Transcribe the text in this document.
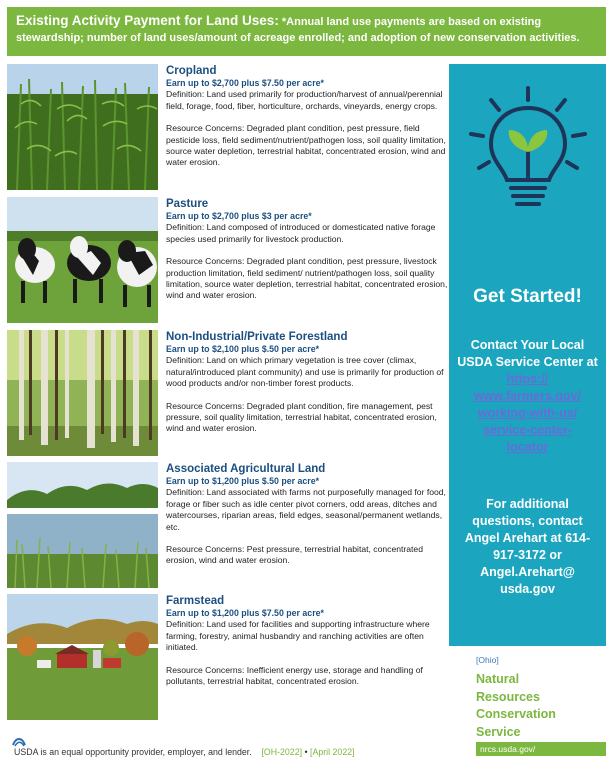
Existing Activity Payment for Land Uses: *Annual land use payments are based on existing stewardship; number of land uses/amount of acreage enrolled; and adoption of new conservation activities.
Cropland
Earn up to $2,700 plus $7.50 per acre*
Definition: Land used primarily for production/harvest of annual/perennial field, forage, food, fiber, horticulture, orchards, vineyards, energy crops.
Resource Concerns: Degraded plant condition, pest pressure, field pesticide loss, field sediment/nutrient/pathogen loss, soil quality limitation, source water depletion, terrestrial habitat, concentrated erosion, wind and water erosion.
Pasture
Earn up to $2,700 plus $3 per acre*
Definition: Land composed of introduced or domesticated native forage species used primarily for livestock production.
Resource Concerns: Degraded plant condition, pest pressure, livestock production limitation, field sediment/ nutrient/pathogen loss, soil quality limitation, source water depletion, terrestrial habitat, concentrated erosion, wind and water erosion.
Non-Industrial/Private Forestland
Earn up to $2,100 plus $.50 per acre*
Definition: Land on which primary vegetation is tree cover (climax, natural/introduced plant community) and use is primarily for production of wood products and/or non-timber forest products.
Resource Concerns: Degraded plant condition, fire management, pest pressure, soil quality limitation, terrestrial habitat, concentrated erosion, wind and water erosion.
Associated Agricultural Land
Earn up to $1,200 plus $.50 per acre*
Definition: Land associated with farms not purposefully managed for food, forage or fiber such as idle center pivot corners, odd areas, ditches and watercourses, riparian areas, field edges, seasonal/permanent wetlands, etc.
Resource Concerns: Pest pressure, terrestrial habitat, concentrated erosion, wind and water erosion.
Farmstead
Earn up to $1,200 plus $7.50 per acre*
Definition: Land used for facilities and supporting infrastructure where farming, forestry, animal husbandry and ranching activities are often initiated.
Resource Concerns: Inefficient energy use, storage and handling of pollutants, terrestrial habitat, concentrated erosion.
Get Started!
Contact Your Local USDA Service Center at https://
www.farmers.gov/
working-with-us/
service-center-
locator
For additional questions, contact Angel Arehart at 614-917-3172 or Angel.Arehart@ usda.gov
[Ohio]
Natural
Resources
Conservation
Service
nrcs.usda.gov/
USDA is an equal opportunity provider, employer, and lender. [OH-2022] • [April 2022]
